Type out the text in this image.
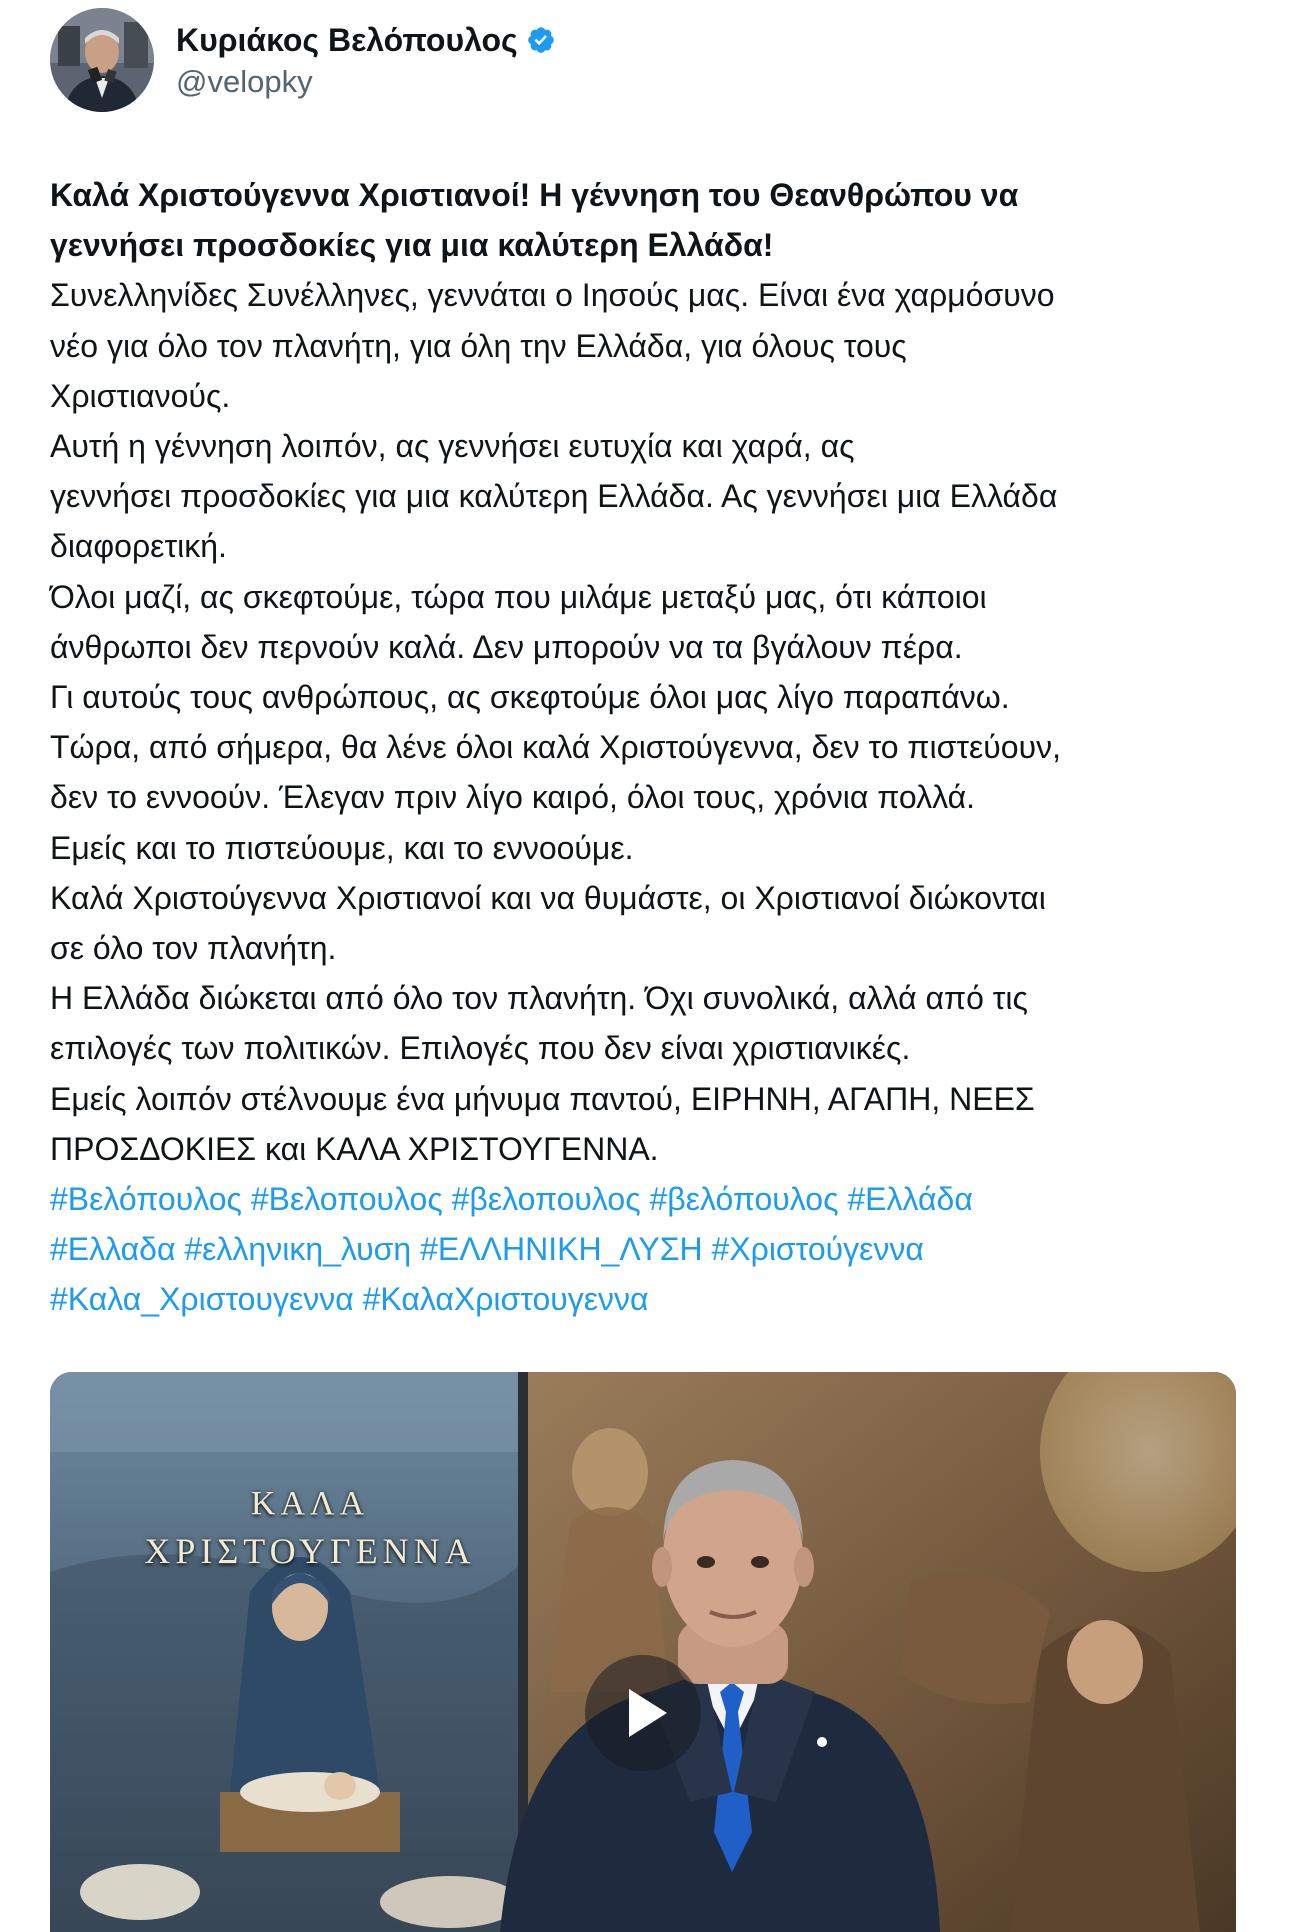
Κυριάκος Βελόπουλος
@velopky
Καλά Χριστούγεννα Χριστιανοί! Η γέννηση του Θεανθρώπου να
γεννήσει προσδοκίες για μια καλύτερη Ελλάδα!
Συνελληνίδες Συνέλληνες, γεννάται ο Ιησούς μας. Είναι ένα χαρμόσυνο
νέο για όλο τον πλανήτη, για όλη την Ελλάδα, για όλους τους
Χριστιανούς.
Αυτή η γέννηση λοιπόν, ας γεννήσει ευτυχία και χαρά, ας
γεννήσει προσδοκίες για μια καλύτερη Ελλάδα. Ας γεννήσει μια Ελλάδα
διαφορετική.
Όλοι μαζί, ας σκεφτούμε, τώρα που μιλάμε μεταξύ μας, ότι κάποιοι
άνθρωποι δεν περνούν καλά. Δεν μπορούν να τα βγάλουν πέρα.
Γι αυτούς τους ανθρώπους, ας σκεφτούμε όλοι μας λίγο παραπάνω.
Τώρα, από σήμερα, θα λένε όλοι καλά Χριστούγεννα, δεν το πιστεύουν,
δεν το εννοούν. Έλεγαν πριν λίγο καιρό, όλοι τους, χρόνια πολλά.
Εμείς και το πιστεύουμε, και το εννοούμε.
Καλά Χριστούγεννα Χριστιανοί και να θυμάστε, οι Χριστιανοί διώκονται
σε όλο τον πλανήτη.
Η Ελλάδα διώκεται από όλο τον πλανήτη. Όχι συνολικά, αλλά από τις
επιλογές των πολιτικών. Επιλογές που δεν είναι χριστιανικές.
Εμείς λοιπόν στέλνουμε ένα μήνυμα παντού, ΕΙΡΗΝΗ, ΑΓΑΠΗ, ΝΕΕΣ
ΠΡΟΣΔΟΚΙΕΣ και ΚΑΛΑ ΧΡΙΣΤΟΥΓΕΝΝΑ.
#Βελόπουλος #Βελοπουλος #βελοπουλος #βελόπουλος #Ελλάδα
#Ελλαδα #ελληνικη_λυση #ΕΛΛΗΝΙΚΗ_ΛΥΣΗ #Χριστούγεννα
#Καλα_Χριστουγεννα #ΚαλαΧριστουγεννα
ΚΑΛΑ
ΧΡΙΣΤΟΥΓΕΝΝΑ
